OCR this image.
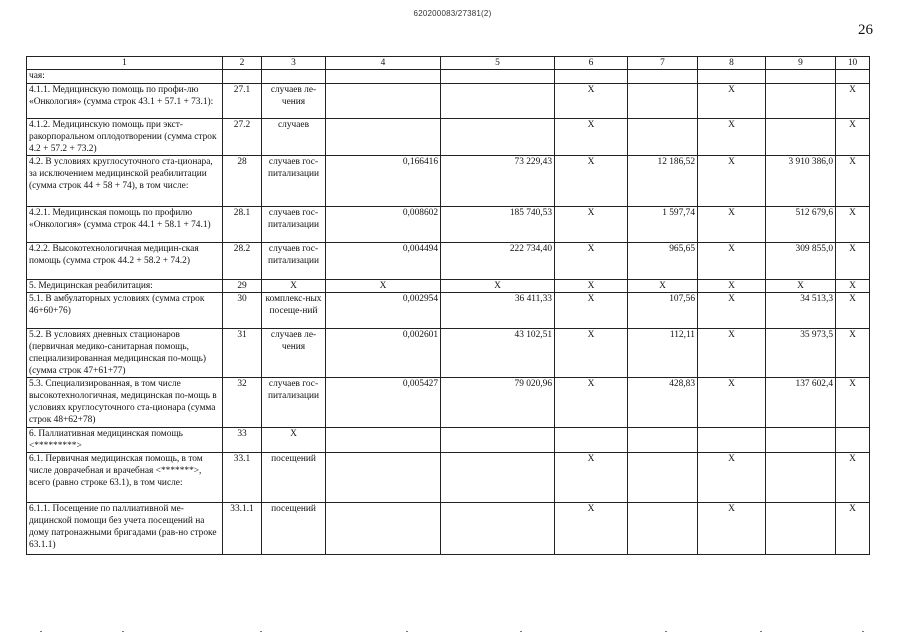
620200083/27381(2)
26
1	2	3	4	5	6	7	8	9	10
чая:									
4.1.1. Медицинскую помощь по профи-лю «Онкология» (сумма строк 43.1 + 57.1 + 73.1):	27.1	случаев ле-чения			Х		Х		Х
4.1.2. Медицинскую помощь при экст-ракорпоральном оплодотворении (сумма строк 4.2 + 57.2 + 73.2)	27.2	случаев			Х		Х		Х
4.2. В условиях круглосуточного ста-ционара, за исключением медицинской реабилитации (сумма строк 44 + 58 + 74), в том числе:	28	случаев гос-питализации	0,166416	73 229,43	Х	12 186,52	Х	3 910 386,0	Х
4.2.1. Медицинская помощь по профилю «Онкология» (сумма строк 44.1 + 58.1 + 74.1)	28.1	случаев гос-питализации	0,008602	185 740,53	Х	1 597,74	Х	512 679,6	Х
4.2.2. Высокотехнологичная медицин-ская помощь (сумма строк 44.2 + 58.2 + 74.2)	28.2	случаев гос-питализации	0,004494	222 734,40	Х	965,65	Х	309 855,0	Х
5. Медицинская реабилитация:	29	Х	Х	Х	Х	Х	Х	Х	Х
5.1. В амбулаторных условиях (сумма строк 46+60+76)	30	комплекс-ных посеще-ний	0,002954	36 411,33	Х	107,56	Х	34 513,3	Х
5.2. В условиях дневных стационаров (первичная медико-санитарная помощь, специализированная медицинская по-мощь) (сумма строк 47+61+77)	31	случаев ле-чения	0,002601	43 102,51	Х	112,11	Х	35 973,5	Х
5.3. Специализированная, в том числе высокотехнологичная, медицинская по-мощь в условиях круглосуточного ста-ционара (сумма строк 48+62+78)	32	случаев гос-питализации	0,005427	79 020,96	Х	428,83	Х	137 602,4	Х
6. Паллиативная медицинская помощь <*********>	33	Х							
6.1. Первичная медицинская помощь, в том числе доврачебная и врачебная <*******>, всего (равно строке 63.1), в том числе:	33.1	посещений			Х		Х		Х
6.1.1. Посещение по паллиативной ме-дицинской помощи без учета посещений на дому патронажными бригадами (рав-но строке 63.1.1)	33.1.1	посещений			Х		Х		Х
